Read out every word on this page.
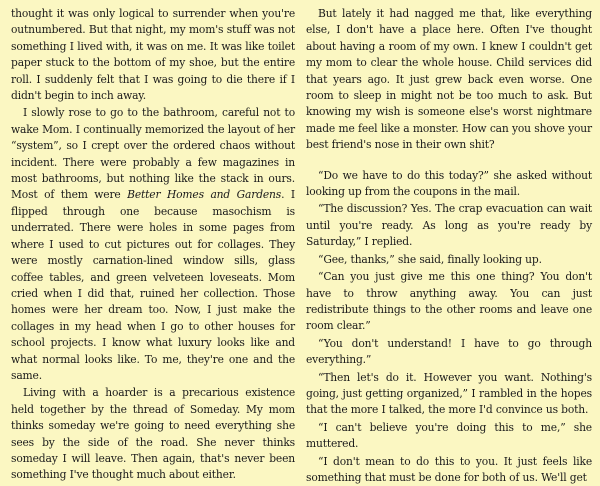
thought it was only logical to surrender when you're outnumbered. But that night, my mom's stuff was not something I lived with, it was on me. It was like toilet paper stuck to the bottom of my shoe, but the entire roll. I suddenly felt that I was going to die there if I didn't begin to inch away.

I slowly rose to go to the bathroom, careful not to wake Mom. I continually memorized the layout of her “system”, so I crept over the ordered chaos without incident. There were probably a few magazines in most bathrooms, but nothing like the stack in ours. Most of them were Better Homes and Gardens. I flipped through one because masochism is underrated. There were holes in some pages from where I used to cut pictures out for collages. They were mostly carnation-lined window sills, glass coffee tables, and green velveteen loveseats. Mom cried when I did that, ruined her collection. Those homes were her dream too. Now, I just make the collages in my head when I go to other houses for school projects. I know what luxury looks like and what normal looks like. To me, they're one and the same.

Living with a hoarder is a precarious existence held together by the thread of Someday. My mom thinks someday we're going to need everything she sees by the side of the road. She never thinks someday I will leave. Then again, that's never been something I've thought much about either.

But lately it had nagged me that, like everything else, I don't have a place here. Often I've thought about having a room of my own. I knew I couldn't get my mom to clear the whole house. Child services did that years ago. It just grew back even worse. One room to sleep in might not be too much to ask. But knowing my wish is someone else's worst nightmare made me feel like a monster. How can you shove your best friend's nose in their own shit?

“Do we have to do this today?” she asked without looking up from the coupons in the mail.

“The discussion? Yes. The crap evacuation can wait until you're ready. As long as you're ready by Saturday,” I replied.

“Gee, thanks,” she said, finally looking up.

“Can you just give me this one thing? You don't have to throw anything away. You can just redistribute things to the other rooms and leave one room clear.”

“You don't understand! I have to go through everything.”

“Then let's do it. However you want. Nothing's going, just getting organized,” I rambled in the hopes that the more I talked, the more I'd convince us both.

“I can't believe you're doing this to me,” she muttered.

“I don't mean to do this to you. It just feels like something that must be done for both of us. We'll get
